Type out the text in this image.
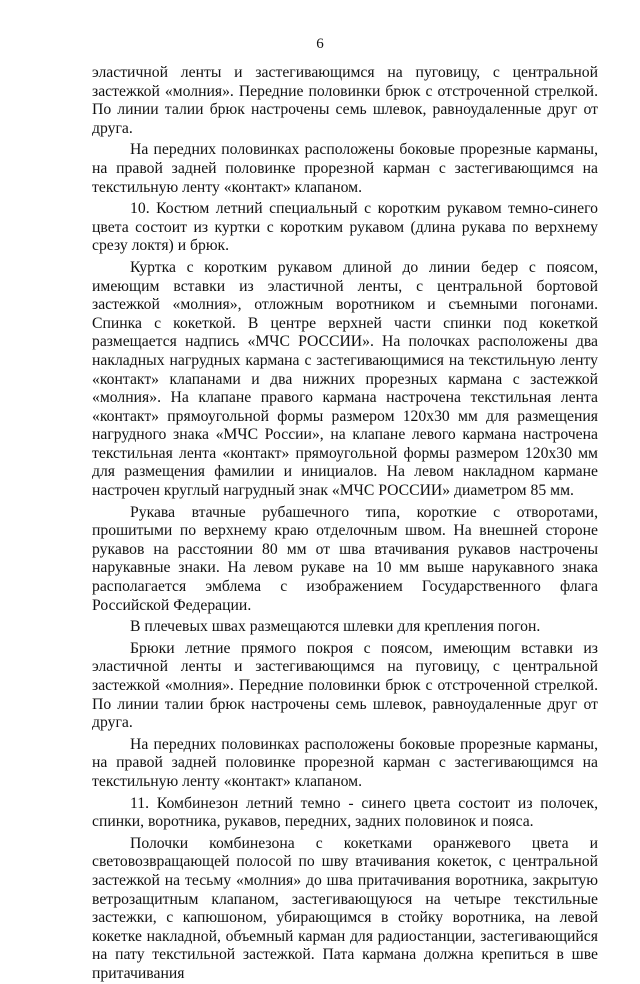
6

эластичной ленты и застегивающимся на пуговицу, с центральной застежкой «молния». Передние половинки брюк с отстроченной стрелкой. По линии талии брюк настрочены семь шлевок, равноудаленные друг от друга.

На передних половинках расположены боковые прорезные карманы, на правой задней половинке прорезной карман с застегивающимся на текстильную ленту «контакт» клапаном.

10. Костюм летний специальный с коротким рукавом темно-синего цвета состоит из куртки с коротким рукавом (длина рукава по верхнему срезу локтя) и брюк.

Куртка с коротким рукавом длиной до линии бедер с поясом, имеющим вставки из эластичной ленты, с центральной бортовой застежкой «молния», отложным воротником и съемными погонами. Спинка с кокеткой. В центре верхней части спинки под кокеткой размещается надпись «МЧС РОССИИ». На полочках расположены два накладных нагрудных кармана с застегивающимися на текстильную ленту «контакт» клапанами и два нижних прорезных кармана с застежкой «молния». На клапане правого кармана настрочена текстильная лента «контакт» прямоугольной формы размером 120х30 мм для размещения нагрудного знака «МЧС России», на клапане левого кармана настрочена текстильная лента «контакт» прямоугольной формы размером 120х30 мм для размещения фамилии и инициалов. На левом накладном кармане настрочен круглый нагрудный знак «МЧС РОССИИ» диаметром 85 мм.

Рукава втачные рубашечного типа, короткие с отворотами, прошитыми по верхнему краю отделочным швом. На внешней стороне рукавов на расстоянии 80 мм от шва втачивания рукавов настрочены нарукавные знаки. На левом рукаве на 10 мм выше нарукавного знака располагается эмблема с изображением Государственного флага Российской Федерации.

В плечевых швах размещаются шлевки для крепления погон.

Брюки летние прямого покроя с поясом, имеющим вставки из эластичной ленты и застегивающимся на пуговицу, с центральной застежкой «молния». Передние половинки брюк с отстроченной стрелкой. По линии талии брюк настрочены семь шлевок, равноудаленные друг от друга.

На передних половинках расположены боковые прорезные карманы, на правой задней половинке прорезной карман с застегивающимся на текстильную ленту «контакт» клапаном.

11. Комбинезон летний темно - синего цвета состоит из полочек, спинки, воротника, рукавов, передних, задних половинок и пояса.

Полочки комбинезона с кокетками оранжевого цвета и световозвращающей полосой по шву втачивания кокеток, с центральной застежкой на тесьму «молния» до шва притачивания воротника, закрытую ветрозащитным клапаном, застегивающуюся на четыре текстильные застежки, с капюшоном, убирающимся в стойку воротника, на левой кокетке накладной, объемный карман для радиостанции, застегивающийся на пату текстильной застежкой. Пата кармана должна крепиться в шве притачивания
